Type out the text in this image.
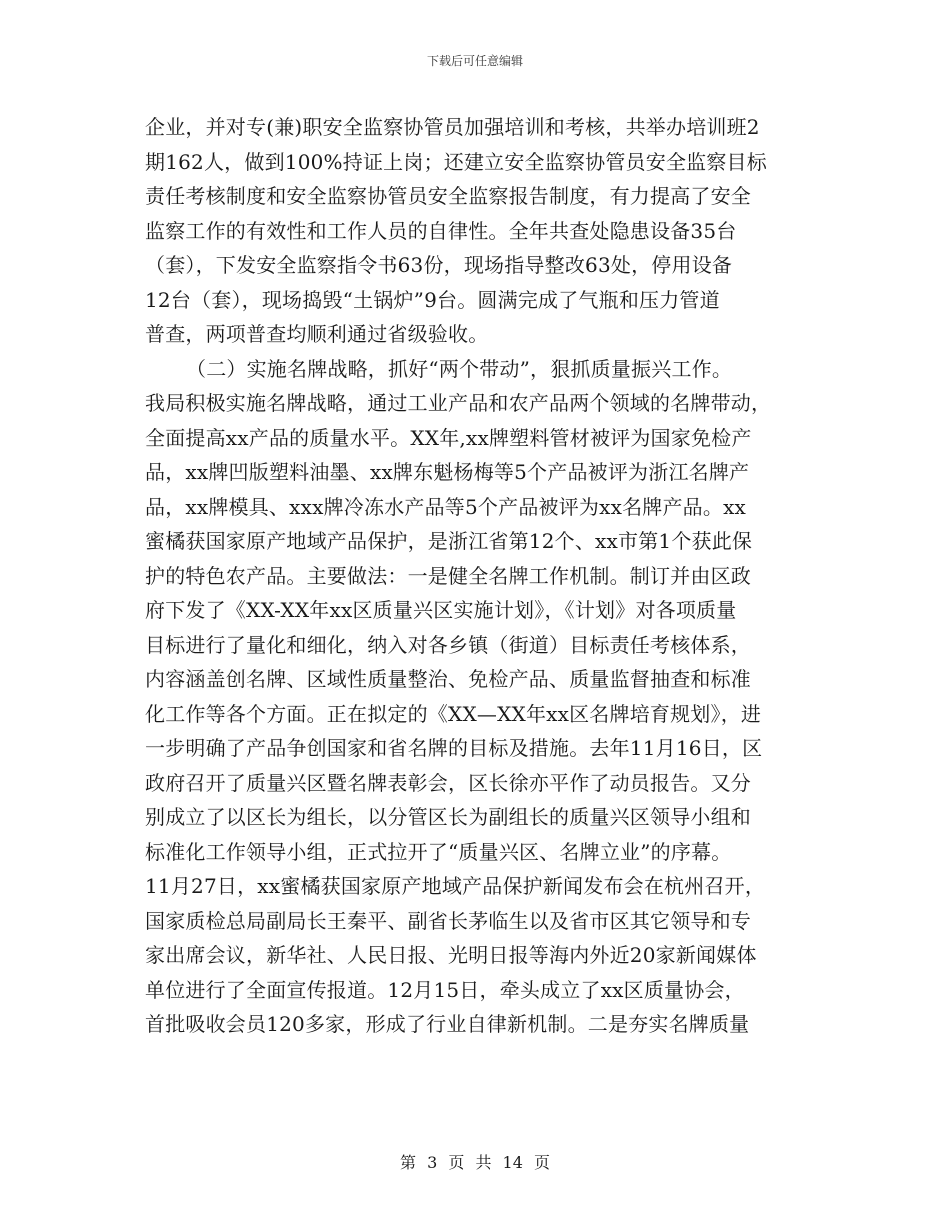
下载后可任意编辑
企业，并对专(兼)职安全监察协管员加强培训和考核，共举办培训班2
期162人，做到100%持证上岗；还建立安全监察协管员安全监察目标
责任考核制度和安全监察协管员安全监察报告制度，有力提高了安全
监察工作的有效性和工作人员的自律性。全年共查处隐患设备35台
（套），下发安全监察指令书63份，现场指导整改63处，停用设备
12台（套），现场捣毁“土锅炉”9台。圆满完成了气瓶和压力管道
普查，两项普查均顺利通过省级验收。
（二）实施名牌战略，抓好“两个带动”，狠抓质量振兴工作。
我局积极实施名牌战略，通过工业产品和农产品两个领域的名牌带动，
全面提高xx产品的质量水平。XX年,xx牌塑料管材被评为国家免检产
品，xx牌凹版塑料油墨、xx牌东魁杨梅等5个产品被评为浙江名牌产
品，xx牌模具、xxx牌冷冻水产品等5个产品被评为xx名牌产品。xx
蜜橘获国家原产地域产品保护，是浙江省第12个、xx市第1个获此保
护的特色农产品。主要做法：一是健全名牌工作机制。制订并由区政
府下发了《XX-XX年xx区质量兴区实施计划》，《计划》对各项质量
目标进行了量化和细化，纳入对各乡镇（街道）目标责任考核体系，
内容涵盖创名牌、区域性质量整治、免检产品、质量监督抽查和标准
化工作等各个方面。正在拟定的《XX—XX年xx区名牌培育规划》，进
一步明确了产品争创国家和省名牌的目标及措施。去年11月16日，区
政府召开了质量兴区暨名牌表彰会，区长徐亦平作了动员报告。又分
别成立了以区长为组长，以分管区长为副组长的质量兴区领导小组和
标准化工作领导小组，正式拉开了“质量兴区、名牌立业”的序幕。
11月27日，xx蜜橘获国家原产地域产品保护新闻发布会在杭州召开，
国家质检总局副局长王秦平、副省长茅临生以及省市区其它领导和专
家出席会议，新华社、人民日报、光明日报等海内外近20家新闻媒体
单位进行了全面宣传报道。12月15日，牵头成立了xx区质量协会，
首批吸收会员120多家，形成了行业自律新机制。二是夯实名牌质量
第 3 页 共 14 页
